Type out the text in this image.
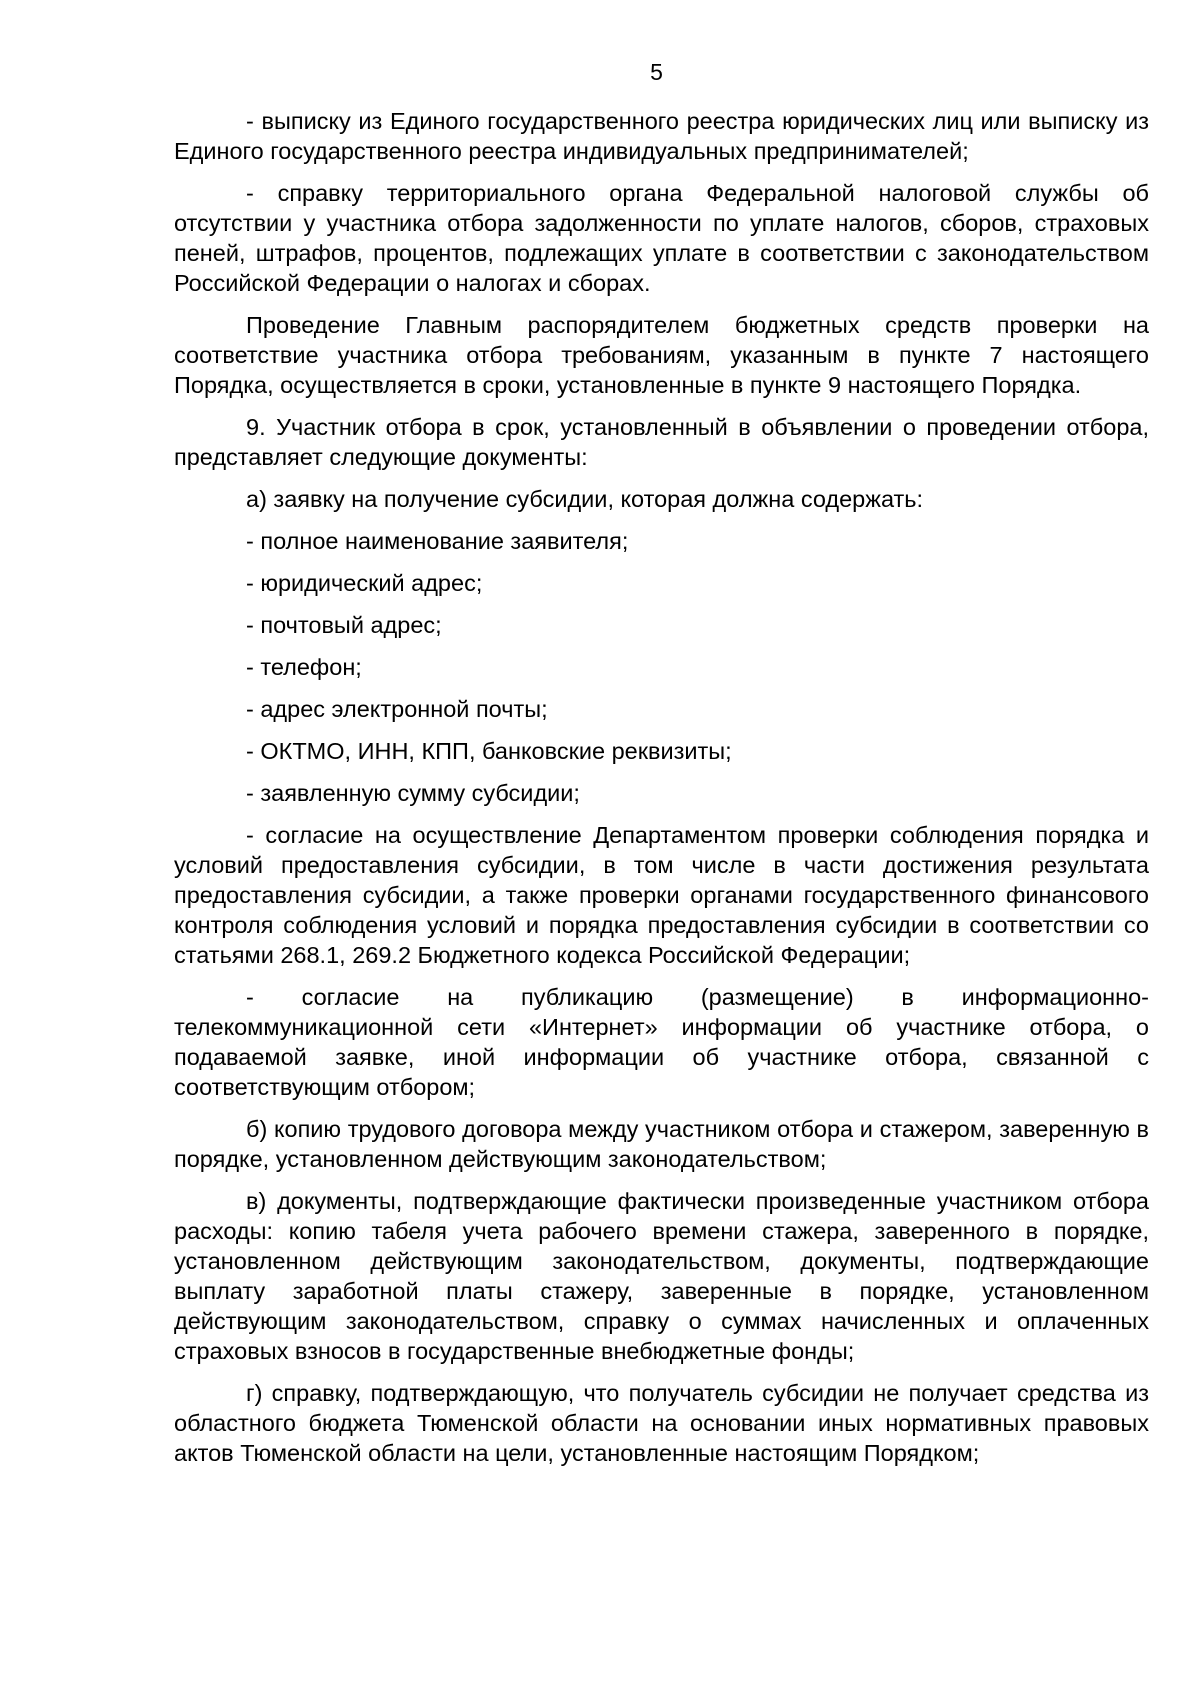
5

- выписку из Единого государственного реестра юридических лиц или выписку из Единого государственного реестра индивидуальных предпринимателей;

- справку территориального органа Федеральной налоговой службы об отсутствии у участника отбора задолженности по уплате налогов, сборов, страховых пеней, штрафов, процентов, подлежащих уплате в соответствии с законодательством Российской Федерации о налогах и сборах.

Проведение Главным распорядителем бюджетных средств проверки на соответствие участника отбора требованиям, указанным в пункте 7 настоящего Порядка, осуществляется в сроки, установленные в пункте 9 настоящего Порядка.

9. Участник отбора в срок, установленный в объявлении о проведении отбора, представляет следующие документы:

а) заявку на получение субсидии, которая должна содержать:

- полное наименование заявителя;

- юридический адрес;

- почтовый адрес;

- телефон;

- адрес электронной почты;

- ОКТМО, ИНН, КПП, банковские реквизиты;

- заявленную сумму субсидии;

- согласие на осуществление Департаментом проверки соблюдения порядка и условий предоставления субсидии, в том числе в части достижения результата предоставления субсидии, а также проверки органами государственного финансового контроля соблюдения условий и порядка предоставления субсидии в соответствии со статьями 268.1, 269.2 Бюджетного кодекса Российской Федерации;

- согласие на публикацию (размещение) в информационно-телекоммуникационной сети «Интернет» информации об участнике отбора, о подаваемой заявке, иной информации об участнике отбора, связанной с соответствующим отбором;

б) копию трудового договора между участником отбора и стажером, заверенную в порядке, установленном действующим законодательством;

в) документы, подтверждающие фактически произведенные участником отбора расходы: копию табеля учета рабочего времени стажера, заверенного в порядке, установленном действующим законодательством, документы, подтверждающие выплату заработной платы стажеру, заверенные в порядке, установленном действующим законодательством, справку о суммах начисленных и оплаченных страховых взносов в государственные внебюджетные фонды;

г) справку, подтверждающую, что получатель субсидии не получает средства из областного бюджета Тюменской области на основании иных нормативных правовых актов Тюменской области на цели, установленные настоящим Порядком;
